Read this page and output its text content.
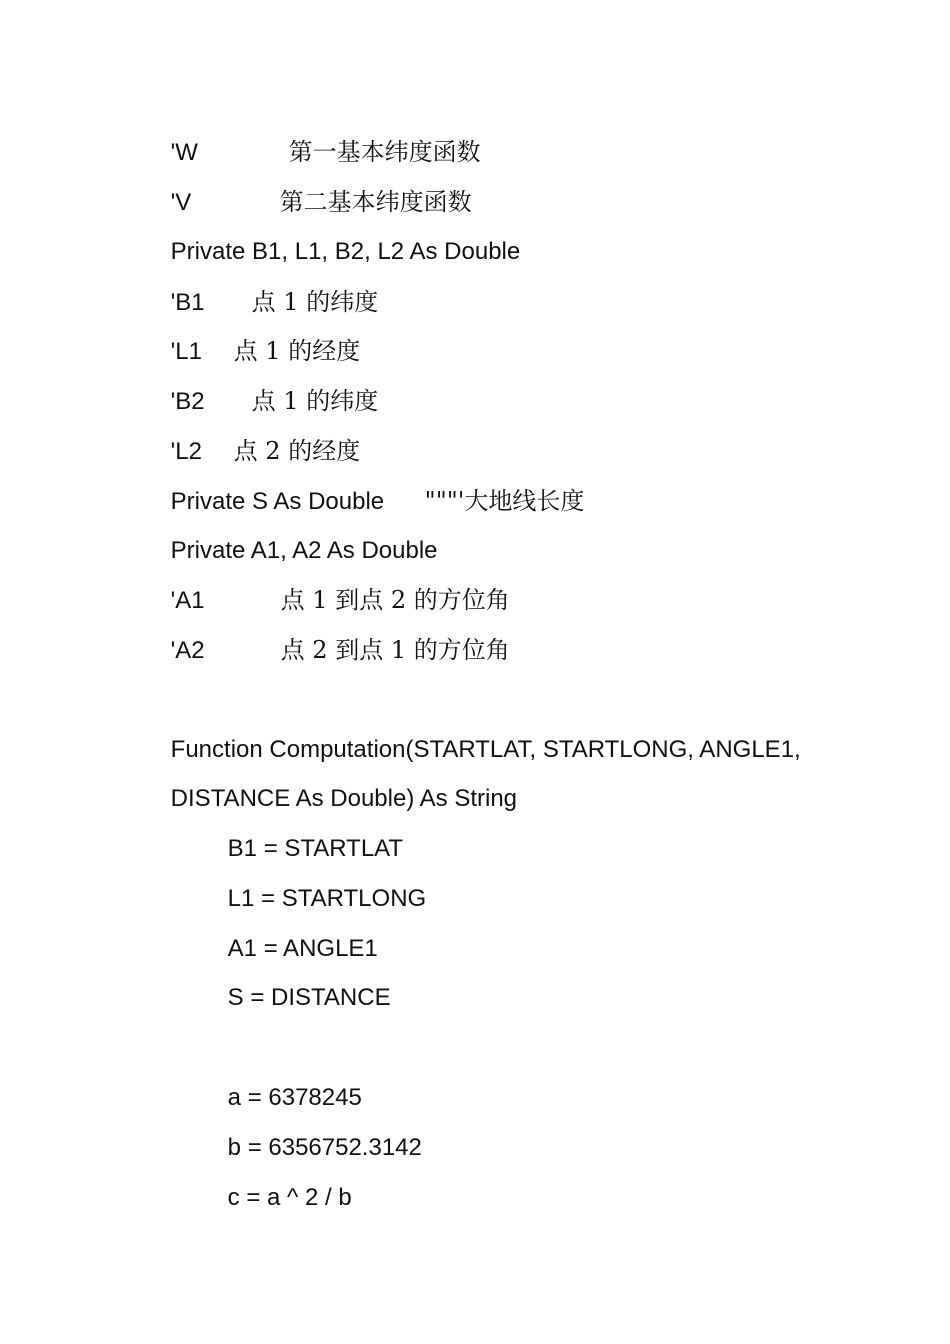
'W	第一基本纬度函数

'V	第二基本纬度函数

Private B1, L1, B2, L2 As Double

'B1 点 1 的纬度

'L1 点 1 的经度

'B2 点 1 的纬度

'L2 点 2 的经度

Private S As Double """'大地线长度

Private A1, A2 As Double

'A1	点 1 到点 2 的方位角

'A2	点 2 到点 1 的方位角

Function Computation(STARTLAT, STARTLONG, ANGLE1,

DISTANCE As Double) As String

B1 = STARTLAT

L1 = STARTLONG

A1 = ANGLE1

S = DISTANCE

a = 6378245

b = 6356752.3142

c = a ^ 2 / b
